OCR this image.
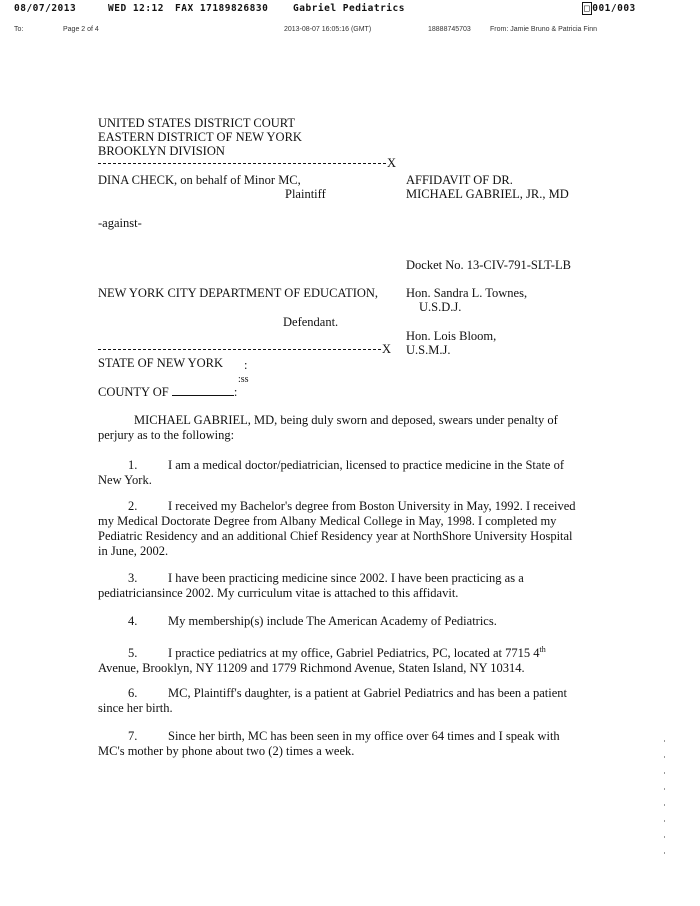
08/07/2013	WED 12:12 FAX 17189826830	Gabriel Pediatrics	□ 001/003
To:	Page 2 of 4	2013-08-07 16:05:16 (GMT)	18888745703	From: Jamie Bruno & Patricia Finn
UNITED STATES DISTRICT COURT
EASTERN DISTRICT OF NEW YORK
BROOKLYN DIVISION
X
DINA CHECK, on behalf of Minor MC,
Plaintiff
AFFIDAVIT OF DR.
MICHAEL GABRIEL, JR., MD
-against-
Docket No. 13-CIV-791-SLT-LB
NEW YORK CITY DEPARTMENT OF EDUCATION, Hon. Sandra L. Townes,
U.S.D.J.
Defendant.
Hon. Lois Bloom,
X U.S.M.J.
STATE OF NEW YORK :
:ss
COUNTY OF	:
MICHAEL GABRIEL, MD, being duly sworn and deposed, swears under penalty of perjury as to the following:
1. I am a medical doctor/pediatrician, licensed to practice medicine in the State of New York.
2. I received my Bachelor's degree from Boston University in May, 1992. I received my Medical Doctorate Degree from Albany Medical College in May, 1998. I completed my Pediatric Residency and an additional Chief Residency year at NorthShore University Hospital in June, 2002.
3. I have been practicing medicine since 2002. I have been practicing as a pediatriciansince 2002. My curriculum vitae is attached to this affidavit.
4. My membership(s) include The American Academy of Pediatrics.
5. I practice pediatrics at my office, Gabriel Pediatrics, PC, located at 7715 4th Avenue, Brooklyn, NY 11209 and 1779 Richmond Avenue, Staten Island, NY 10314.
6. MC, Plaintiff's daughter, is a patient at Gabriel Pediatrics and has been a patient since her birth.
7. Since her birth, MC has been seen in my office over 64 times and I speak with MC's mother by phone about two (2) times a week.
